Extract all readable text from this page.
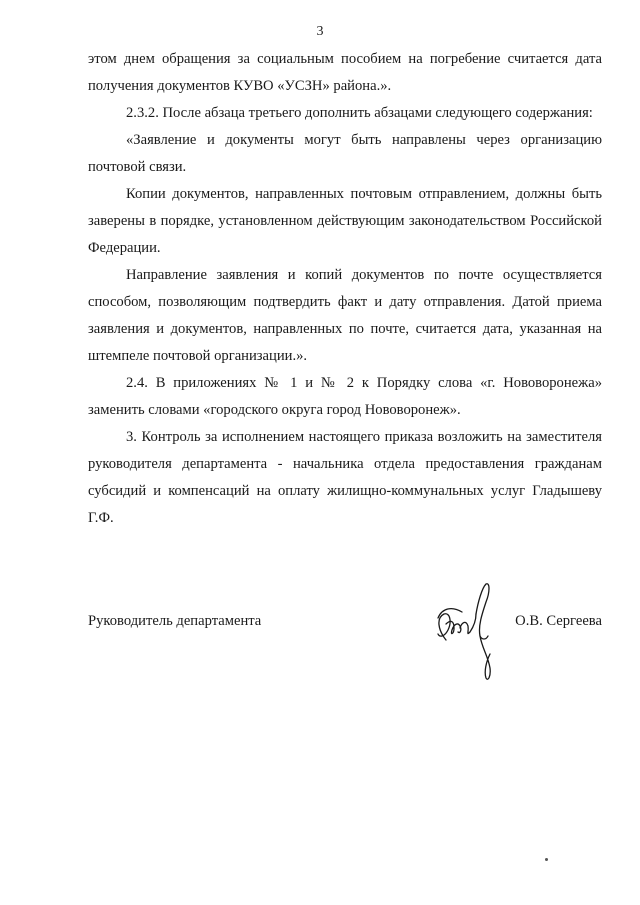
3

этом днем обращения за социальным пособием на погребение считается дата получения документов КУВО «УСЗН» района.».

2.3.2. После абзаца третьего дополнить абзацами следующего содержания:

«Заявление и документы могут быть направлены через организацию почтовой связи.

Копии документов, направленных почтовым отправлением, должны быть заверены в порядке, установленном действующим законодательством Российской Федерации.

Направление заявления и копий документов по почте осуществляется способом, позволяющим подтвердить факт и дату отправления. Датой приема заявления и документов, направленных по почте, считается дата, указанная на штемпеле почтовой организации.».

2.4. В приложениях № 1 и № 2 к Порядку слова «г. Нововоронежа» заменить словами «городского округа город Нововоронеж».

3. Контроль за исполнением настоящего приказа возложить на заместителя руководителя департамента - начальника отдела предоставления гражданам субсидий и компенсаций на оплату жилищно-коммунальных услуг Гладышеву Г.Ф.

Руководитель департамента	О.В. Сергеева
